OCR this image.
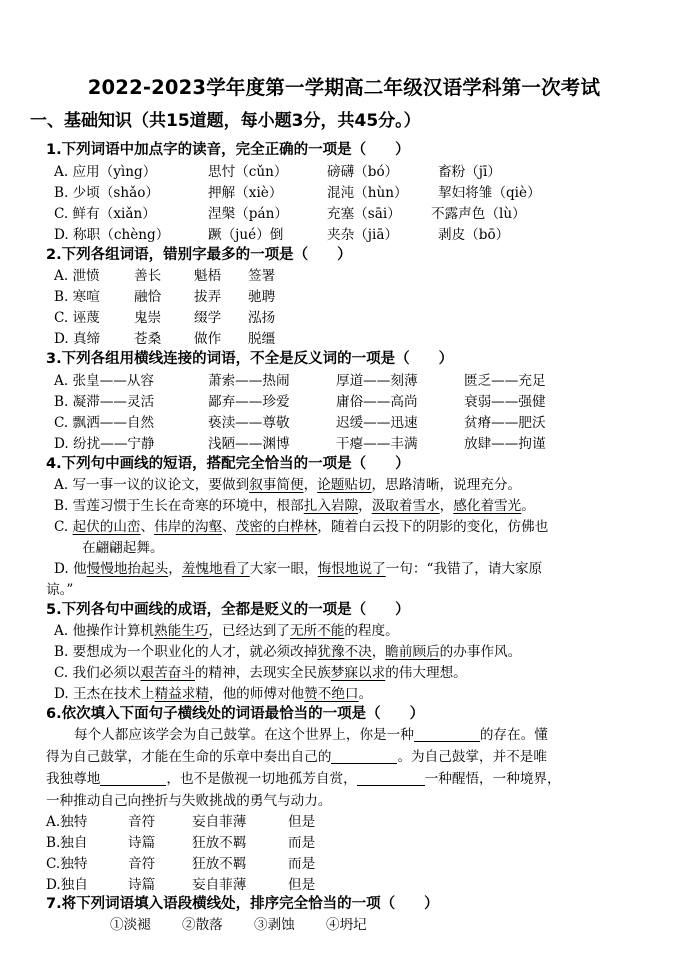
2022-2023学年度第一学期高二年级汉语学科第一次考试
一、基础知识（共15道题，每小题3分，共45分。）
1.下列词语中加点字的读音，完全正确的一项是（　　）
A. 应用（yìng）	思忖（cǔn）	磅礴（bó）	畜粉（jī）
B. 少顷（shǎo）	押解（xiè）	混沌（hùn） 挈妇将雏（qiè）
C. 鲜有（xiǎn）	涅槃（pán）	充塞（sāi） 不露声色（lù）
D. 称职（chèng）	蹶（jué）倒	夹杂（jiā）	剥皮（bō）
2.下列各组词语，错别字最多的一项是（　　）
A. 泄愤	善长 魁梧 签署
B. 寒喧	融恰 拔弄 驰聘
C. 诬蔑	鬼崇 缀学 泓扬
D. 真缔 苍桑 做作 脱缰
3.下列各组用横线连接的词语，不全是反义词的一项是（　　）
A. 张皇——从容	萧索——热闹	厚道——刻薄	匮乏——充足
B. 凝滞——灵活	鄙弃——珍爱	庸俗——高尚	衰弱——强健
C. 飘洒——自然	亵渎——尊敬	迟缓——迅速	贫瘠——肥沃
D. 纷扰——宁静	浅陋——渊博	干瘪——丰满	放肆——拘谨
4.下列句中画线的短语，搭配完全恰当的一项是（　　）
A. 写一事一议的议论文，要做到叙事简便，论题贴切，思路清晰，说理充分。
B. 雪莲习惯于生长在奇寒的环境中，根部扎入岩隙，汲取着雪水，感化着雪光。
C. 起伏的山峦、伟岸的沟壑、茂密的白桦林，随着白云投下的阴影的变化，仿佛也
在翩翩起舞。
D. 他慢慢地抬起头，羞愧地看了大家一眼，悔恨地说了一句：“我错了，请大家原
谅。”
5.下列各句中画线的成语，全都是贬义的一项是（　　）
A. 他操作计算机熟能生巧，已经达到了无所不能的程度。
B. 要想成为一个职业化的人才，就必须改掉犹豫不决，瞻前顾后的办事作风。
C. 我们必须以艰苦奋斗的精神，去现实全民族梦寐以求的伟大理想。
D. 王杰在技术上精益求精，他的师傅对他赞不绝口。
6.依次填入下面句子横线处的词语最恰当的一项是（　　）
每个人都应该学会为自己鼓掌。在这个世界上，你是一种	的存在。懂
得为自己鼓掌，才能在生命的乐章中奏出自己的	。为自己鼓掌，并不是唯
我独尊地	，也不是傲视一切地孤芳自赏，	一种醒悟，一种境界，
一种推动自己向挫折与失败挑战的勇气与动力。
A.独特	音符	妄自菲薄	但是
B.独自	诗篇	狂放不羁	而是
C.独特	音符	狂放不羁	而是
D.独自	诗篇	妄自菲薄	但是
7.将下列词语填入语段横线处，排序完全恰当的一项（　　）
①淡褪 ②散落 ③剥蚀 ④坍圮
